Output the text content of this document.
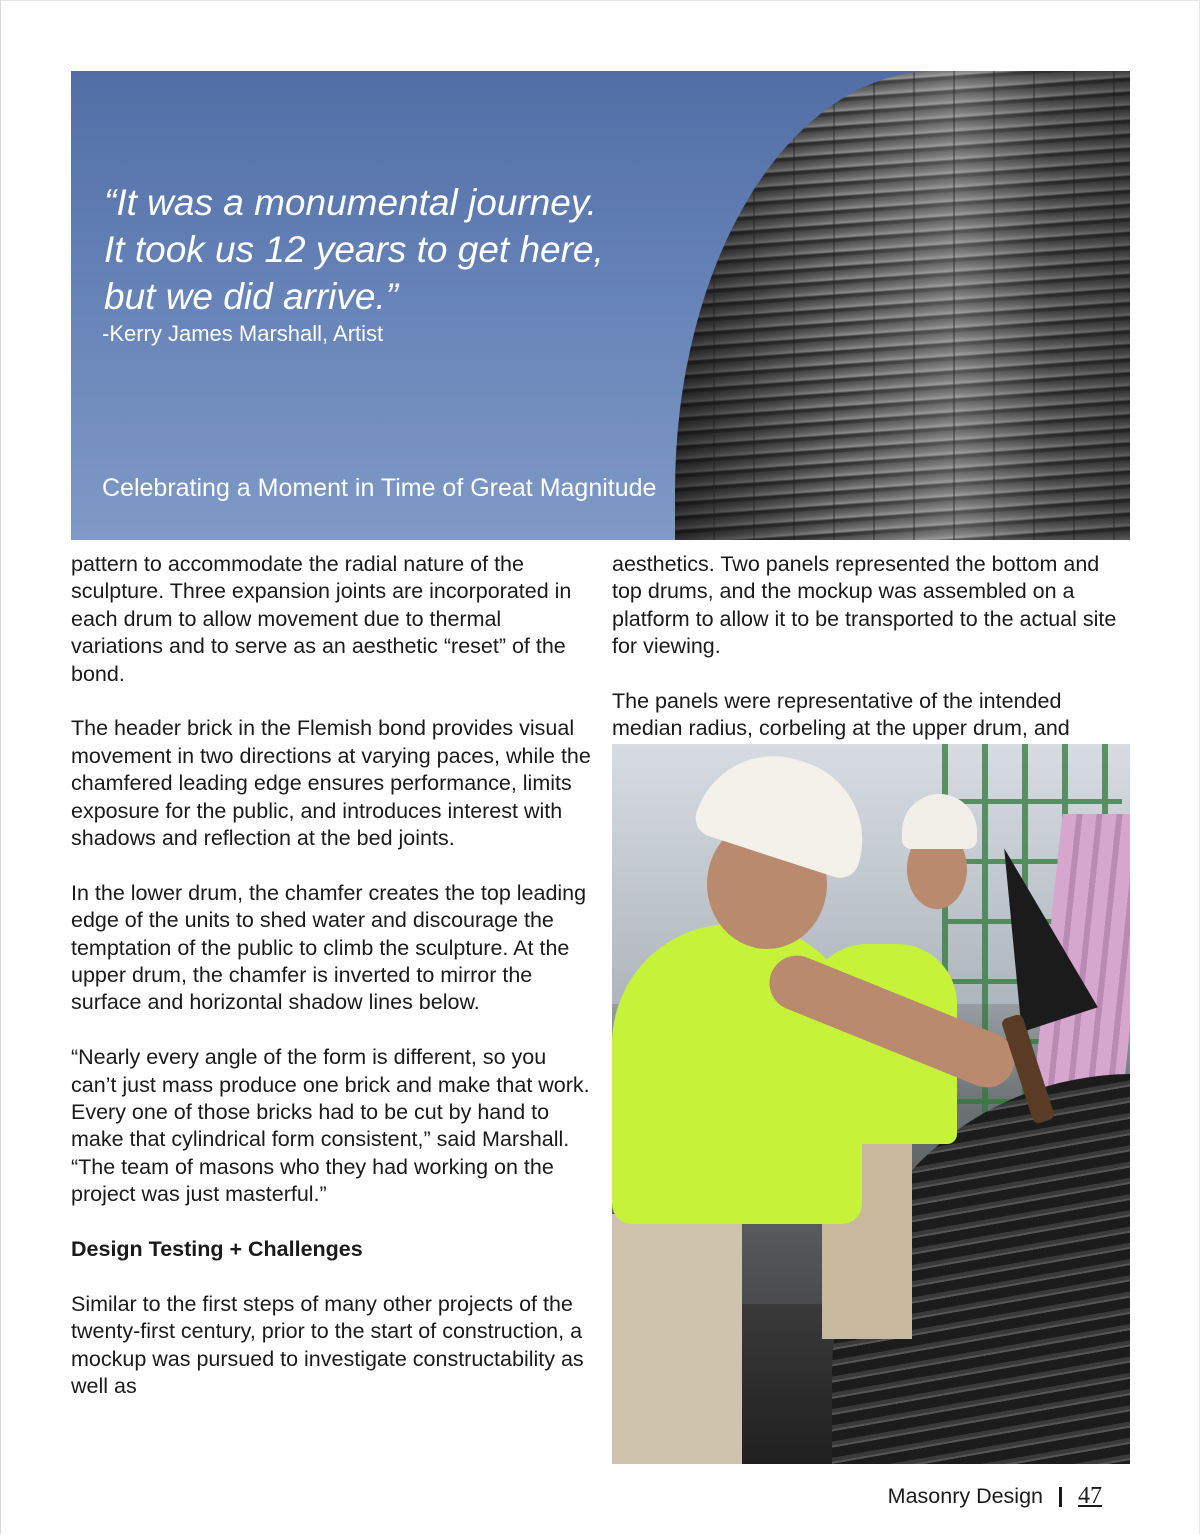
“It was a monumental journey.
It took us 12 years to get here,
but we did arrive.”

-Kerry James Marshall, Artist

Celebrating a Moment in Time of Great Magnitude

pattern to accommodate the radial nature of the sculpture. Three expansion joints are incorporated in each drum to allow movement due to thermal variations and to serve as an aesthetic “reset” of the bond.

The header brick in the Flemish bond provides visual movement in two directions at varying paces, while the chamfered leading edge ensures performance, limits exposure for the public, and introduces interest with shadows and reflection at the bed joints.

In the lower drum, the chamfer creates the top leading edge of the units to shed water and discourage the temptation of the public to climb the sculpture. At the upper drum, the chamfer is inverted to mirror the surface and horizontal shadow lines below.

“Nearly every angle of the form is different, so you can’t just mass produce one brick and make that work. Every one of those bricks had to be cut by hand to make that cylindrical form consistent,” said Marshall. “The team of masons who they had working on the project was just masterful.”

Design Testing + Challenges

Similar to the first steps of many other projects of the twenty-first century, prior to the start of construction, a mockup was pursued to investigate constructability as well as

aesthetics. Two panels represented the bottom and top drums, and the mockup was assembled on a platform to allow it to be transported to the actual site for viewing.

The panels were representative of the intended median radius, corbeling at the upper drum, and

Masonry Design 47
